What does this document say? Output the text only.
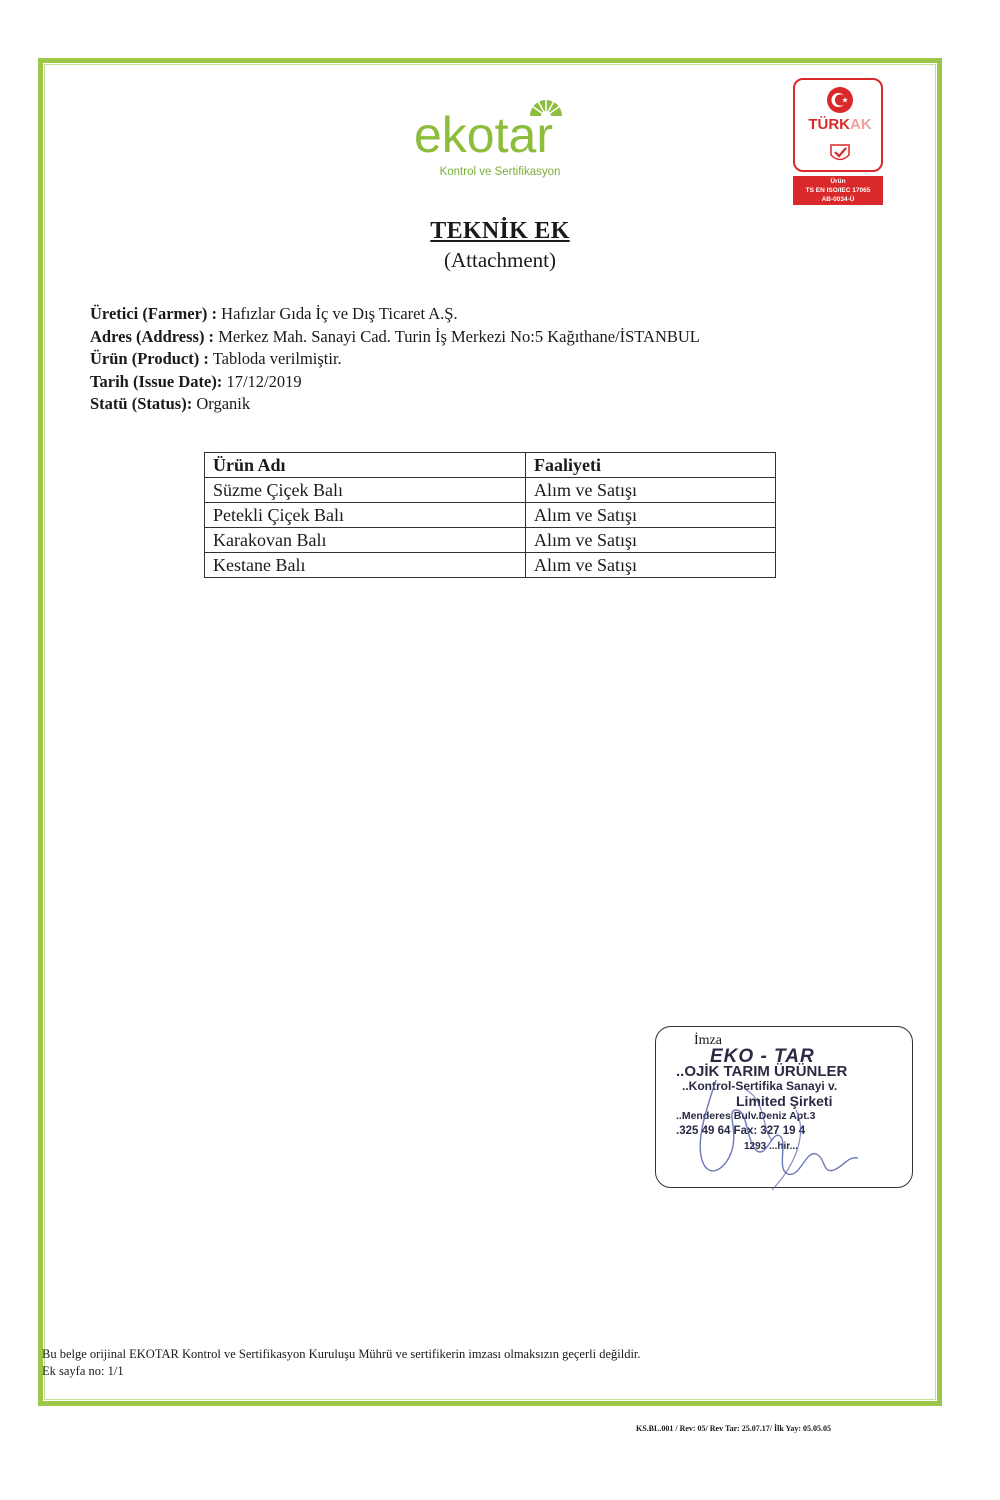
ekotar
Kontrol ve Sertifikasyon
TÜRKAK
Ürün
TS EN ISO/IEC 17065
AB-0034-Ü
TEKNİK EK
(Attachment)
Üretici (Farmer) : Hafızlar Gıda İç ve Dış Ticaret A.Ş.
Adres (Address) : Merkez Mah. Sanayi Cad. Turin İş Merkezi No:5 Kağıthane/İSTANBUL
Ürün (Product) : Tabloda verilmiştir.
Tarih (Issue Date): 17/12/2019
Statü (Status): Organik
Ürün Adı	Faaliyeti
Süzme Çiçek Balı	Alım ve Satışı
Petekli Çiçek Balı	Alım ve Satışı
Karakovan Balı	Alım ve Satışı
Kestane Balı	Alım ve Satışı
İmza
EKO - TAR
..OJİK TARIM ÜRÜNLER
..Kontrol-Sertifika Sanayi v.
Limited Şirketi
..Menderes Bulv.Deniz Apt.3
.325 49 64 Fax: 327 19 4
1293 ...hir...
Bu belge orijinal EKOTAR Kontrol ve Sertifikasyon Kuruluşu Mührü ve sertifikerin imzası olmaksızın geçerli değildir.
Ek sayfa no: 1/1
KS.BL.001 / Rev: 05/ Rev Tar: 25.07.17/ İlk Yay: 05.05.05
